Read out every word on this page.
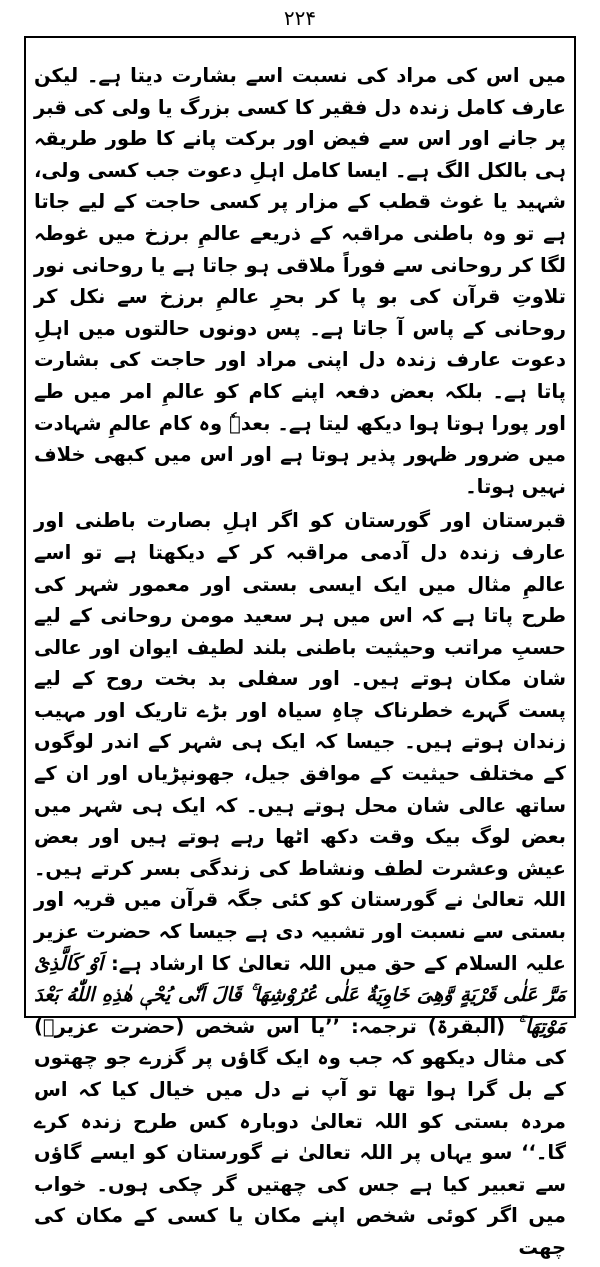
۲۲۴

میں اس کی مراد کی نسبت اسے بشارت دیتا ہے۔ لیکن عارف کامل زندہ دل فقیر کا کسی بزرگ یا ولی کی قبر پر جانے اور اس سے فیض اور برکت پانے کا طور طریقہ ہی بالکل الگ ہے۔ ایسا کامل اہلِ دعوت جب کسی ولی، شہید یا غوث قطب کے مزار پر کسی حاجت کے لیے جاتا ہے تو وہ باطنی مراقبہ کے ذریعے عالمِ برزخ میں غوطہ لگا کر روحانی سے فوراً ملاقی ہو جاتا ہے یا روحانی نور تلاوتِ قرآن کی بو پا کر بحرِ عالمِ برزخ سے نکل کر روحانی کے پاس آ جاتا ہے۔ پس دونوں حالتوں میں اہلِ دعوت عارف زندہ دل اپنی مراد اور حاجت کی بشارت پاتا ہے۔ بلکہ بعض دفعہ اپنے کام کو عالمِ امر میں طے اور پورا ہوتا ہوا دیکھ لیتا ہے۔ بعدہٗ وہ کام عالمِ شہادت میں ضرور ظہور پذیر ہوتا ہے اور اس میں کبھی خلاف نہیں ہوتا۔

قبرستان اور گورستان کو اگر اہلِ بصارت باطنی اور عارف زندہ دل آدمی مراقبہ کر کے دیکھتا ہے تو اسے عالمِ مثال میں ایک ایسی بستی اور معمور شہر کی طرح پاتا ہے کہ اس میں ہر سعید مومن روحانی کے لیے حسبِ مراتب وحیثیت باطنی بلند لطیف ایوان اور عالی شان مکان ہوتے ہیں۔ اور سفلی بد بخت روح کے لیے پست گہرے خطرناک چاہِ سیاہ اور بڑے تاریک اور مہیب زندان ہوتے ہیں۔ جیسا کہ ایک ہی شہر کے اندر لوگوں کے مختلف حیثیت کے موافق جیل، جھونپڑیاں اور ان کے ساتھ عالی شان محل ہوتے ہیں۔ کہ ایک ہی شہر میں بعض لوگ بیک وقت دکھ اٹھا رہے ہوتے ہیں اور بعض عیش وعشرت لطف ونشاط کی زندگی بسر کرتے ہیں۔ اللہ تعالیٰ نے گورستان کو کئی جگہ قرآن میں قریہ اور بستی سے نسبت اور تشبیہ دی ہے جیسا کہ حضرت عزیر علیہ السلام کے حق میں اللہ تعالیٰ کا ارشاد ہے: اَوْ كَالَّذِىْ مَرَّ عَلٰى قَرْيَةٍ وَّهِىَ خَاوِيَةٌ عَلٰى عُرُوْشِهَا ۚ قَالَ اَنّٰى يُحْىٖ هٰذِهِ اللّٰهُ بَعْدَ مَوْتِهَا ۚ (البقرۃ) ترجمہ: ’’یا اس شخص (حضرت عزیرؑ) کی مثال دیکھو کہ جب وہ ایک گاؤں پر گزرے جو چھتوں کے بل گرا ہوا تھا تو آپ نے دل میں خیال کیا کہ اس مردہ بستی کو اللہ تعالیٰ دوبارہ کس طرح زندہ کرے گا۔‘‘ سو یہاں پر اللہ تعالیٰ نے گورستان کو ایسے گاؤں سے تعبیر کیا ہے جس کی چھتیں گر چکی ہوں۔ خواب میں اگر کوئی شخص اپنے مکان یا کسی کے مکان کی چھت
